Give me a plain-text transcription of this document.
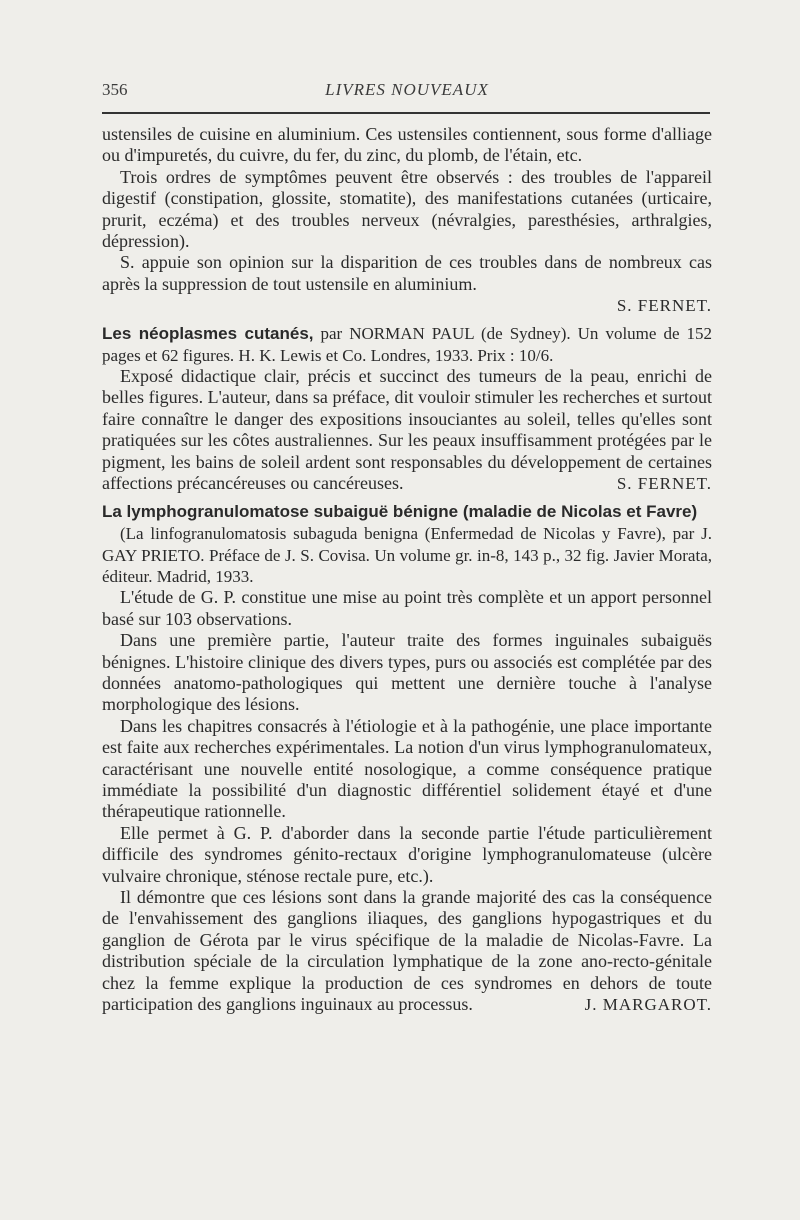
356	LIVRES NOUVEAUX

ustensiles de cuisine en aluminium. Ces ustensiles contiennent, sous forme d'alliage ou d'impuretés, du cuivre, du fer, du zinc, du plomb, de l'étain, etc.

Trois ordres de symptômes peuvent être observés : des troubles de l'appareil digestif (constipation, glossite, stomatite), des manifestations cutanées (urticaire, prurit, eczéma) et des troubles nerveux (névralgies, paresthésies, arthralgies, dépression).

S. appuie son opinion sur la disparition de ces troubles dans de nombreux cas après la suppression de tout ustensile en aluminium.

S. FERNET.

Les néoplasmes cutanés, par NORMAN PAUL (de Sydney). Un volume de 152 pages et 62 figures. H. K. Lewis et Co. Londres, 1933. Prix : 10/6.

Exposé didactique clair, précis et succinct des tumeurs de la peau, enrichi de belles figures. L'auteur, dans sa préface, dit vouloir stimuler les recherches et surtout faire connaître le danger des expositions insouciantes au soleil, telles qu'elles sont pratiquées sur les côtes australiennes. Sur les peaux insuffisamment protégées par le pigment, les bains de soleil ardent sont responsables du développement de certaines affections précancéreuses ou cancéreuses.	S. FERNET.

La lymphogranulomatose subaiguë bénigne (maladie de Nicolas et Favre)

(La linfogranulomatosis subaguda benigna (Enfermedad de Nicolas y Favre), par J. GAY PRIETO. Préface de J. S. Covisa. Un volume gr. in-8, 143 p., 32 fig. Javier Morata, éditeur. Madrid, 1933.

L'étude de G. P. constitue une mise au point très complète et un apport personnel basé sur 103 observations.

Dans une première partie, l'auteur traite des formes inguinales subaiguës bénignes. L'histoire clinique des divers types, purs ou associés est complétée par des données anatomo-pathologiques qui mettent une dernière touche à l'analyse morphologique des lésions.

Dans les chapitres consacrés à l'étiologie et à la pathogénie, une place importante est faite aux recherches expérimentales. La notion d'un virus lymphogranulomateux, caractérisant une nouvelle entité nosologique, a comme conséquence pratique immédiate la possibilité d'un diagnostic différentiel solidement étayé et d'une thérapeutique rationnelle.

Elle permet à G. P. d'aborder dans la seconde partie l'étude particulièrement difficile des syndromes génito-rectaux d'origine lymphogranulomateuse (ulcère vulvaire chronique, sténose rectale pure, etc.).

Il démontre que ces lésions sont dans la grande majorité des cas la conséquence de l'envahissement des ganglions iliaques, des ganglions hypogastriques et du ganglion de Gérota par le virus spécifique de la maladie de Nicolas-Favre. La distribution spéciale de la circulation lymphatique de la zone ano-recto-génitale chez la femme explique la production de ces syndromes en dehors de toute participation des ganglions inguinaux au processus.	J. MARGAROT.
